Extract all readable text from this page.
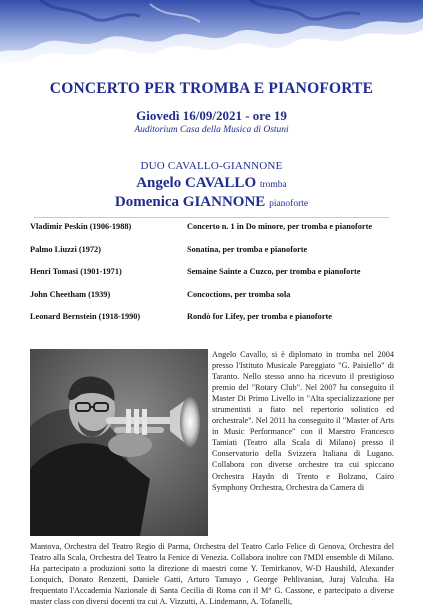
CONCERTO PER TROMBA E PIANOFORTE
Giovedì 16/09/2021 - ore 19
Auditorium Casa della Musica di Ostuni
DUO CAVALLO-GIANNONE
Angelo CAVALLO tromba
Domenica GIANNONE pianoforte
Vladimir Peskin (1906-1988)	Concerto n. 1 in Do minore, per tromba e pianoforte
Palmo Liuzzi (1972)	Sonatina, per tromba e pianoforte
Henri Tomasi (1901-1971)	Semaine Sainte a Cuzco, per tromba e pianoforte
John Cheetham (1939)	Concoctions, per tromba sola
Leonard Bernstein (1918-1990)	Rondò for Lifey, per tromba e pianoforte
Angelo Cavallo, si è diplomato in tromba nel 2004 presso l'Istituto Musicale Pareggiato "G. Paisiello" di Taranto. Nello stesso anno ha ricevuto il prestigioso premio del "Rotary Club". Nel 2007 ha conseguito il Master Di Primo Livello in "Alta specializzazione per strumentisti a fiato nel repertorio solistico ed orchestrale". Nel 2011 ha conseguito il "Master of Arts in Music Performance" con il Maestro Francesco Tamiati (Teatro alla Scala di Milano) presso il Conservatorio della Svizzera Italiana di Lugano. Collabora con diverse orchestre tra cui spiccano Orchestra Haydn di Trento e Bolzano, Cairo Symphony Orchestra, Orchestra da Camera di
Mantova, Orchestra del Teatro Regio di Parma, Orchestra del Teatro Carlo Felice di Genova, Orchestra del Teatro alla Scala, Orchestra del Teatro la Fenice di Venezia. Collabora inoltre con l'MDI ensemble di Milano. Ha partecipato a produzioni sotto la direzione di maestri come Y. Temirkanov, W-D Haushild, Alexander Lonquich, Donato Renzetti, Daniele Gatti, Arturo Tamayo , George Pehlivanian, Juraj Valcuha. Ha frequentato l'Accademia Nazionale di Santa Cecilia di Roma con il M° G. Cassone, e partecipato a diverse master class con diversi docenti tra cui A. Vizzutti, A. Lindemann, A. Tofanelli,
